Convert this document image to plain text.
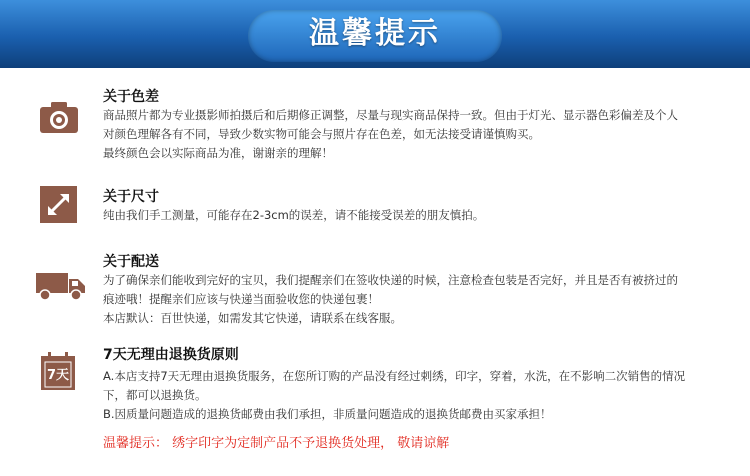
温馨提示
关于色差

商品照片都为专业摄影师拍摄后和后期修正调整，尽量与现实商品保持一致。但由于灯光、显示器色彩偏差及个人

对颜色理解各有不同，导致少数实物可能会与照片存在色差，如无法接受请谨慎购买。

最终颜色会以实际商品为准，谢谢亲的理解！

关于尺寸

纯由我们手工测量，可能存在2-3cm的误差，请不能接受误差的朋友慎拍。

关于配送

为了确保亲们能收到完好的宝贝，我们提醒亲们在签收快递的时候，注意检查包装是否完好，并且是否有被挤过的

痕迹哦！提醒亲们应该与快递当面验收您的快递包裹！

本店默认：百世快递，如需发其它快递，请联系在线客服。

7天
7天无理由退换货原则

A.本店支持7天无理由退换货服务，在您所订购的产品没有经过剌绣，印字，穿着，水洗，在不影响二次销售的情况

下，都可以退换货。

B.因质量问题造成的退换货邮费由我们承担，非质量问题造成的退换货邮费由买家承担！

温馨提示： 绣字印字为定制产品不予退换货处理， 敬请谅解
